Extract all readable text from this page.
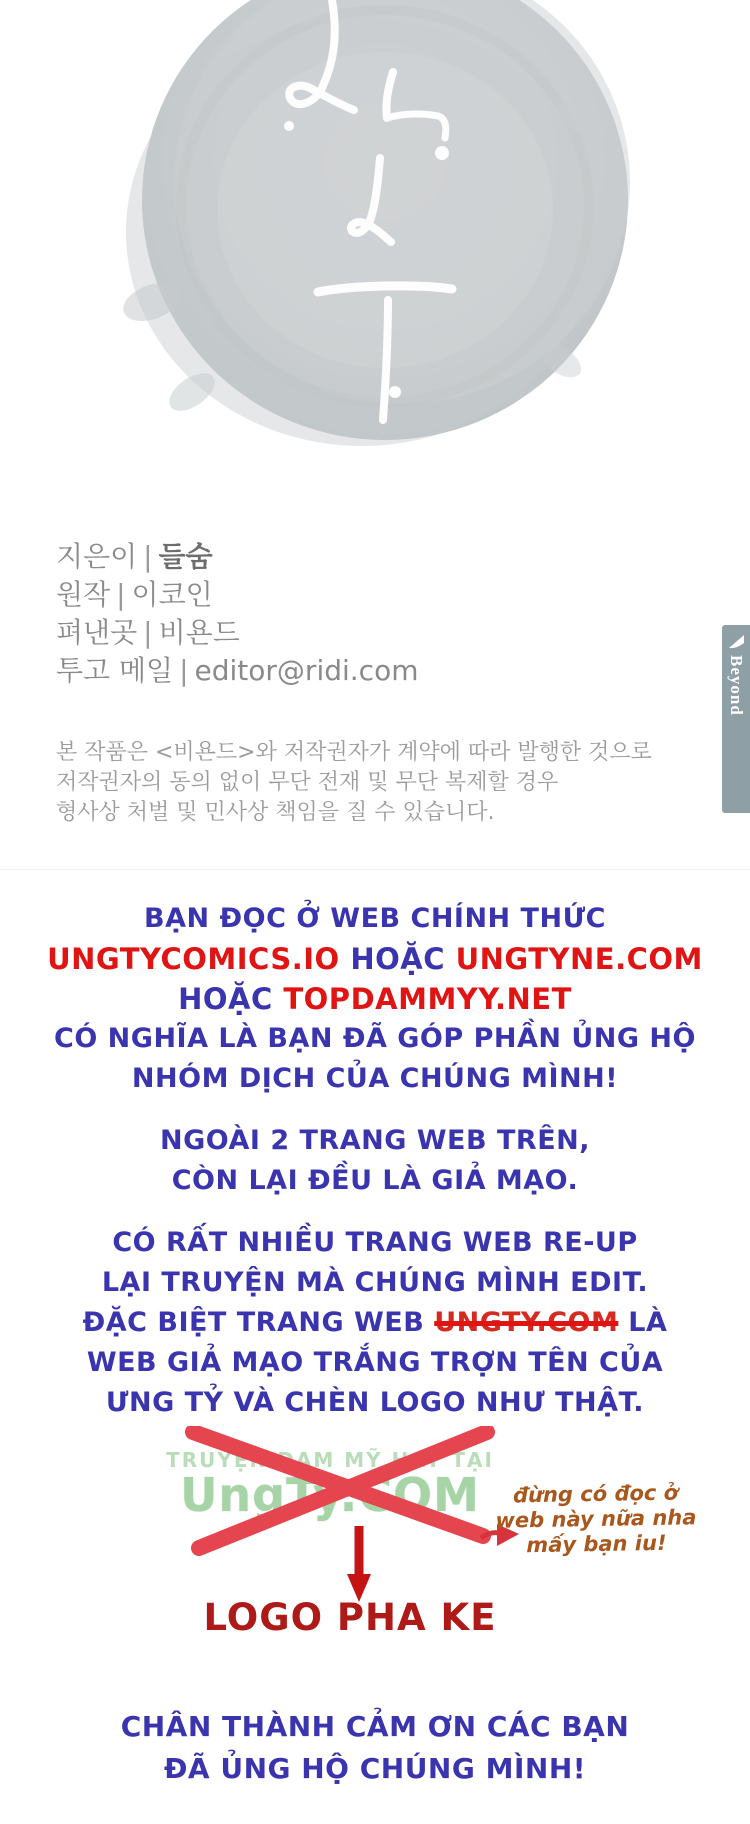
지은이 | 들숨
원작 | 이코인
펴낸곳 | 비욘드
투고 메일 | editor@ridi.com

본 작품은 <비욘드>와 저작권자가 계약에 따라 발행한 것으로

저작권자의 동의 없이 무단 전재 및 무단 복제할 경우

형사상 처벌 및 민사상 책임을 질 수 있습니다.

Beyond

BẠN ĐỌC Ở WEB CHÍNH THỨC

UNGTYCOMICS.IO HOẶC UNGTYNE.COM

HOẶC TOPDAMMYY.NET

CÓ NGHĨA LÀ BẠN ĐÃ GÓP PHẦN ỦNG HỘ

NHÓM DỊCH CỦA CHÚNG MÌNH!

NGOÀI 2 TRANG WEB TRÊN,

CÒN LẠI ĐỀU LÀ GIẢ MẠO.

CÓ RẤT NHIỀU TRANG WEB RE-UP

LẠI TRUYỆN MÀ CHÚNG MÌNH EDIT.

ĐẶC BIỆT TRANG WEB UNGTY.COM LÀ

WEB GIẢ MẠO TRẮNG TRỢN TÊN CỦA

ƯNG TỶ VÀ CHÈN LOGO NHƯ THẬT.

TRUYỆN ĐAM MỸ HAY TẠI
UngTy.COM	đừng có đọc ở

web này nữa nha

mấy bạn iu!

LOGO PHA KE

CHÂN THÀNH CẢM ƠN CÁC BẠN

ĐÃ ỦNG HỘ CHÚNG MÌNH!
